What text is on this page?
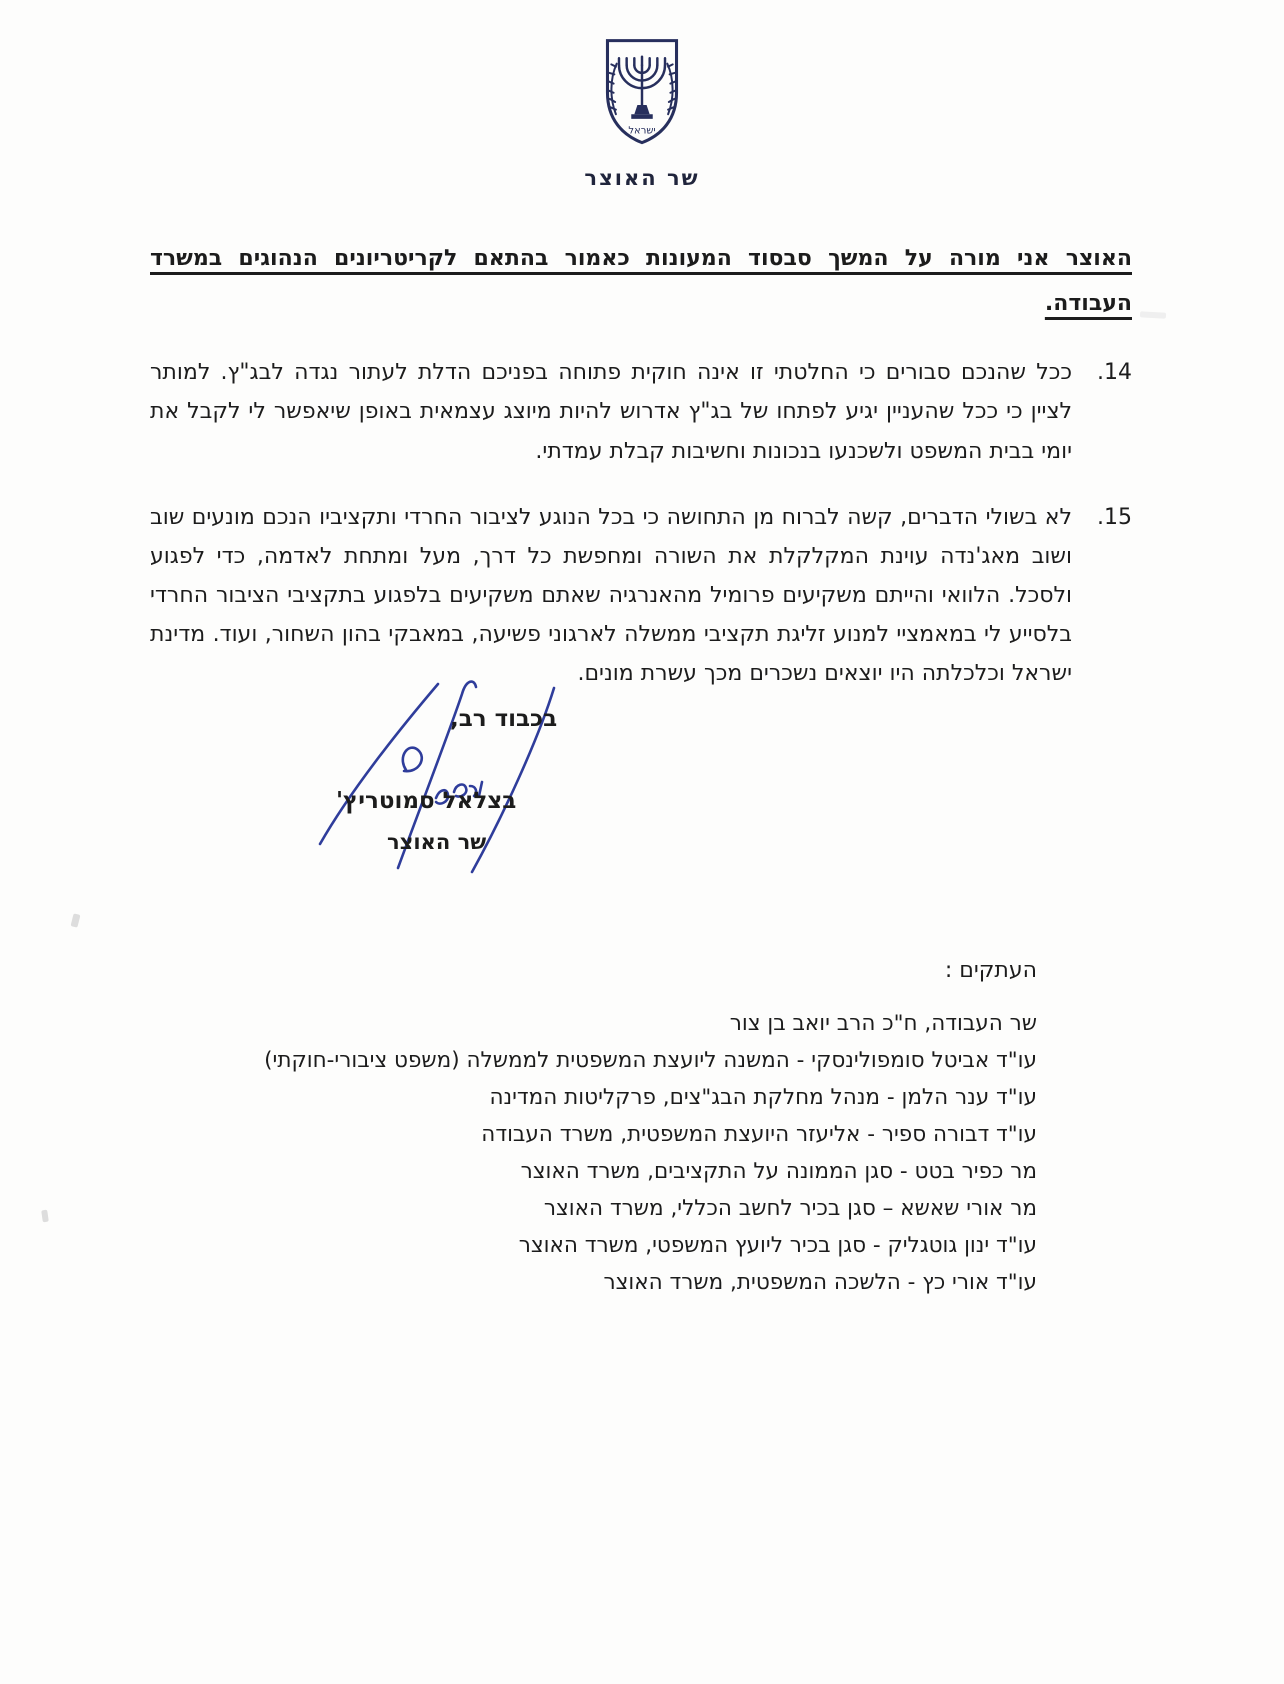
ישראל
שר האוצר

האוצר אני מורה על המשך סבסוד המעונות כאמור בהתאם לקריטריונים הנהוגים במשרד העבודה.

14.

ככל שהנכם סבורים כי החלטתי זו אינה חוקית פתוחה בפניכם הדלת לעתור נגדה לבג"ץ. למותר לציין כי ככל שהעניין יגיע לפתחו של בג"ץ אדרוש להיות מיוצג עצמאית באופן שיאפשר לי לקבל את יומי בבית המשפט ולשכנעו בנכונות וחשיבות קבלת עמדתי.

15.

לא בשולי הדברים, קשה לברוח מן התחושה כי בכל הנוגע לציבור החרדי ותקציביו הנכם מונעים שוב ושוב מאג'נדה עוינת המקלקלת את השורה ומחפשת כל דרך, מעל ומתחת לאדמה, כדי לפגוע ולסכל. הלוואי והייתם משקיעים פרומיל מהאנרגיה שאתם משקיעים בלפגוע בתקציבי הציבור החרדי בלסייע לי במאמציי למנוע זליגת תקציבי ממשלה לארגוני פשיעה, במאבקי בהון השחור, ועוד. מדינת ישראל וכלכלתה היו יוצאים נשכרים מכך עשרת מונים.

בכבוד רב,
בצלאל סמוטריץ'
שר האוצר

העתקים :

שר העבודה, ח"כ הרב יואב בן צור
עו"ד אביטל סומפולינסקי - המשנה ליועצת המשפטית לממשלה (משפט ציבורי-חוקתי)
עו"ד ענר הלמן - מנהל מחלקת הבג"צים, פרקליטות המדינה
עו"ד דבורה ספיר - אליעזר היועצת המשפטית, משרד העבודה
מר כפיר בטט - סגן הממונה על התקציבים, משרד האוצר
מר אורי שאשא – סגן בכיר לחשב הכללי, משרד האוצר
עו"ד ינון גוטגליק - סגן בכיר ליועץ המשפטי, משרד האוצר
עו"ד אורי כץ - הלשכה המשפטית, משרד האוצר
